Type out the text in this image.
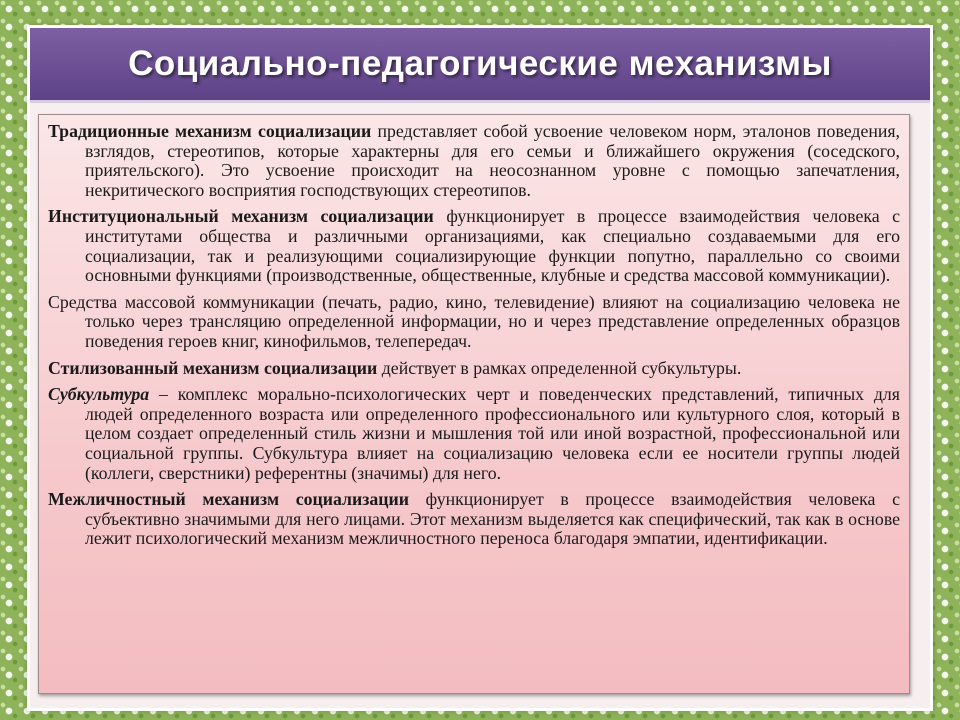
Социально-педагогические механизмы

Традиционные механизм социализации представляет собой усвоение человеком норм, эталонов поведения, взглядов, стереотипов, которые характерны для его семьи и ближайшего окружения (соседского, приятельского). Это усвоение происходит на неосознанном уровне с помощью запечатления, некритического восприятия господствующих стереотипов.

Институциональный механизм социализации функционирует в процессе взаимодействия человека с институтами общества и различными организациями, как специально создаваемыми для его социализации, так и реализующими социализирующие функции попутно, параллельно со своими основными функциями (производственные, общественные, клубные и средства массовой коммуникации).

Средства массовой коммуникации (печать, радио, кино, телевидение) влияют на социализацию человека не только через трансляцию определенной информации, но и через представление определенных образцов поведения героев книг, кинофильмов, телепередач.

Стилизованный механизм социализации действует в рамках определенной субкультуры.

Субкультура – комплекс морально-психологических черт и поведенческих представлений, типичных для людей определенного возраста или определенного профессионального или культурного слоя, который в целом создает определенный стиль жизни и мышления той или иной возрастной, профессиональной или социальной группы. Субкультура влияет на социализацию человека если ее носители группы людей (коллеги, сверстники) референтны (значимы) для него.

Межличностный механизм социализации функционирует в процессе взаимодействия человека с субъективно значимыми для него лицами. Этот механизм выделяется как специфический, так как в основе лежит психологический механизм межличностного переноса благодаря эмпатии, идентификации.
